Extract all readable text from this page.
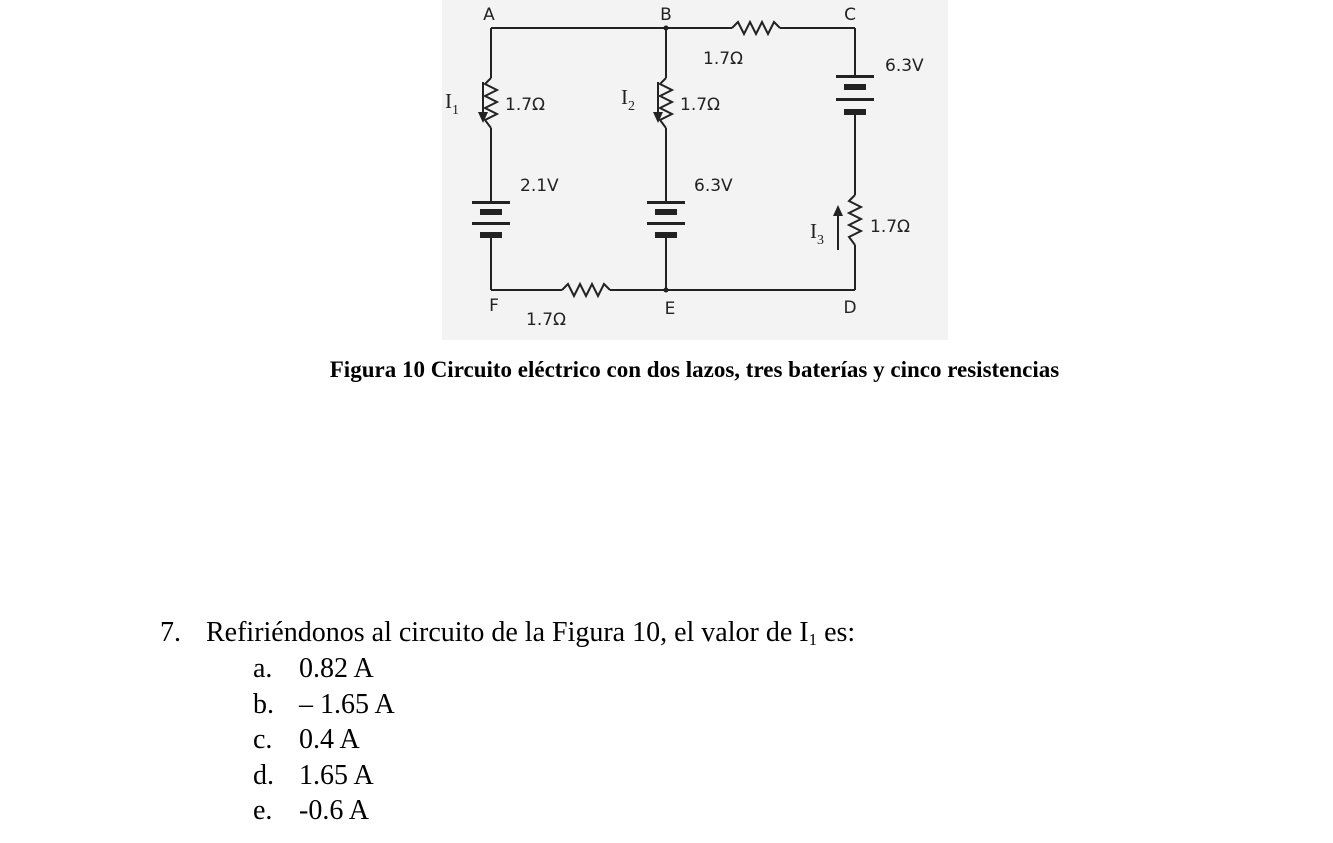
A	B	C
D
E
F
1.7Ω
1.7Ω	1.7Ω
1.7Ω
1.7Ω
2.1V	6.3V
6.3V
I1
I2
I3
Figura 10 Circuito eléctrico con dos lazos, tres baterías y cinco resistencias
7. Refiriéndonos al circuito de la Figura 10, el valor de $I_1$ es:
a. 0.82 A
b. – 1.65 A
c. 0.4 A
d. 1.65 A
e. -0.6 A
